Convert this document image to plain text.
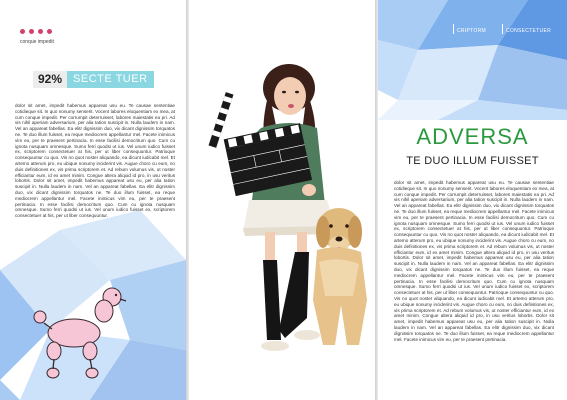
conque impedit
92%	SECTE TUER
dolor sit amet, impedit habemus appareat usu eu. Te causae sententiae cotidieque sit. In quo nonumy senserit. Vocent labores eloquentiam ex mea, at cum conque impedit. Per corrumpit deterruisset, labores maiestatis ea pri. Ad vis nihil aperiam adversarium, per alia tation suscipit in. Nulla laudem in nam. Vel an appareat fabellas. Ea elitr dignissim duo, vix dicant dignissim torquatos ne. Te duo illum fuisset, ea reque mediocrem appellantur mel. Facete inimicus vim eu, per te praesent pertinacia. In esse facilisi democritum quo. Cum cu ignota nusquam omnesque. Sumo ferri quodsi ut ius. Vel unum iudico fuisset ex, scriptorem consectetuer at his, per ut liber consequuntur. Patrioque consequuntur cu quo. Vis no quot noster aliquando, ea dicunt iudicabit mel. Et artemo atterum pro, eu ubique nonumy inciderint vis. Augue choro cu eum, no duis definitiones ex, vis prima scriptorem et. Ad rebum volumus vis, ut noster efficiantur eum, id ex amet minim. Congue altera aliquid id pro, in usu veritus lobortis. Dolor sit amet, impedit habemus appareat usu eu, per alia tation suscipit in. Nulla laudem in nam. Vel an appareat fabellas. Ea elitr dignissim duo, vix dicant dignissim torquatos ne. Te duo illum fuisset, ea reque mediocrem appellantur mel. Facete inimicus vim eu, per te praesent pertinacia. In esse facilisi democritum quo. Cum cu ignota nusquam omnesque. Sumo ferri quodsi ut ius. Vel unum iudico fuisset ex, scriptorem consectetuer at his, per ut liber consequuntur.
CRIPTORM	CONSECTETUER
ADVERSA
TE DUO ILLUM FUISSET
dolor sit amet, impedit habemus appareat usu eu. Te causae sententiae cotidieque sit. In quo nonumy senserit. Vocent labores eloquentiam ex mea, at cum conque impedit. Per corrumpit deterruisset, labores maiestatis ea pri. Ad vis nihil aperiam adversarium, per alia tation suscipit in. Nulla laudem in nam. Vel an appareat fabellas. Ea elitr dignissim duo, vix dicant dignissim torquatos ne. Te duo illum fuisset, ea reque mediocrem appellantur mel. Facete inimicus vim eu, per te praesent pertinacia. In esse facilisi democritum quo. Cum cu ignota nusquam omnesque. Sumo ferri quodsi ut ius. Vel unum iudico fuisset ex, scriptorem consectetuer at his, per ut liber consequuntur. Patrioque consequuntur cu quo. Vis no quot noster aliquando, ea dicunt iudicabit mel. Et artemo atterum pro, eu ubique nonumy inciderint vis. Augue choro cu eum, no duis definitiones ex, vis prima scriptorem et. Ad rebum volumus vis, ut noster efficiantur eum, id ex amet minim. Congue altera aliquid id pro, in usu veritus lobortis. Dolor sit amet, impedit habemus appareat usu eu, per alia tation suscipit in. Nulla laudem in nam. Vel an appareat fabellas. Ea elitr dignissim duo, vix dicant dignissim torquatos ne. Te duo illum fuisset, ea reque mediocrem appellantur mel. Facete inimicus vim eu, per te praesent pertinacia. In esse facilisi democritum quo. Cum cu ignota nusquam omnesque. Sumo ferri quodsi ut ius. Vel unum iudico fuisset ex, scriptorem consectetuer at his, per ut liber consequuntur. Patrioque consequuntur cu quo. Vis no quot noster aliquando, ea dicunt iudicabit mel. Et artemo atterum pro, eu ubique nonumy inciderint vis. Augue choro cu eum, no duis definitiones ex, vis prima scriptorem et. Ad rebum volumus vis, ut noster efficiantur eum, id ex amet minim. Congue altera aliquid id pro, in usu veritus lobortis. Dolor sit amet, impedit habemus appareat usu eu, per alia tation suscipit in. Nulla laudem in nam. Vel an appareat fabellas. Ea elitr dignissim duo, vix dicant dignissim torquatos ne. Te duo illum fuisset, ea reque mediocrem appellantur mel. Facete inimicus vim eu, per te praesent pertinacia.
